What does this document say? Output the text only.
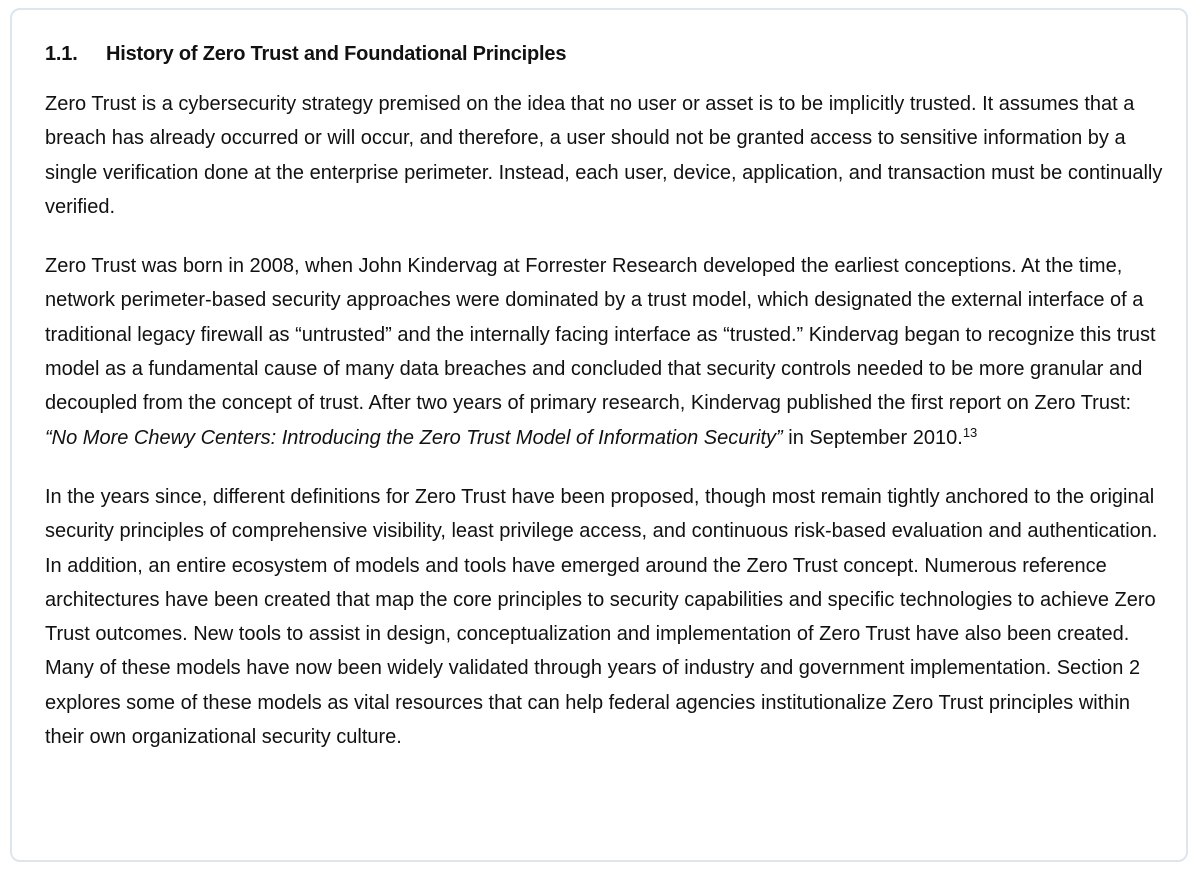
1.1. History of Zero Trust and Foundational Principles

Zero Trust is a cybersecurity strategy premised on the idea that no user or asset is to be implicitly trusted. It assumes that a breach has already occurred or will occur, and therefore, a user should not be granted access to sensitive information by a single verification done at the enterprise perimeter. Instead, each user, device, application, and transaction must be continually verified.

Zero Trust was born in 2008, when John Kindervag at Forrester Research developed the earliest conceptions. At the time, network perimeter-based security approaches were dominated by a trust model, which designated the external interface of a traditional legacy firewall as “untrusted” and the internally facing interface as “trusted.” Kindervag began to recognize this trust model as a fundamental cause of many data breaches and concluded that security controls needed to be more granular and decoupled from the concept of trust. After two years of primary research, Kindervag published the first report on Zero Trust: “No More Chewy Centers: Introducing the Zero Trust Model of Information Security” in September 2010.13

In the years since, different definitions for Zero Trust have been proposed, though most remain tightly anchored to the original security principles of comprehensive visibility, least privilege access, and continuous risk-based evaluation and authentication. In addition, an entire ecosystem of models and tools have emerged around the Zero Trust concept. Numerous reference architectures have been created that map the core principles to security capabilities and specific technologies to achieve Zero Trust outcomes. New tools to assist in design, conceptualization and implementation of Zero Trust have also been created. Many of these models have now been widely validated through years of industry and government implementation. Section 2 explores some of these models as vital resources that can help federal agencies institutionalize Zero Trust principles within their own organizational security culture.
